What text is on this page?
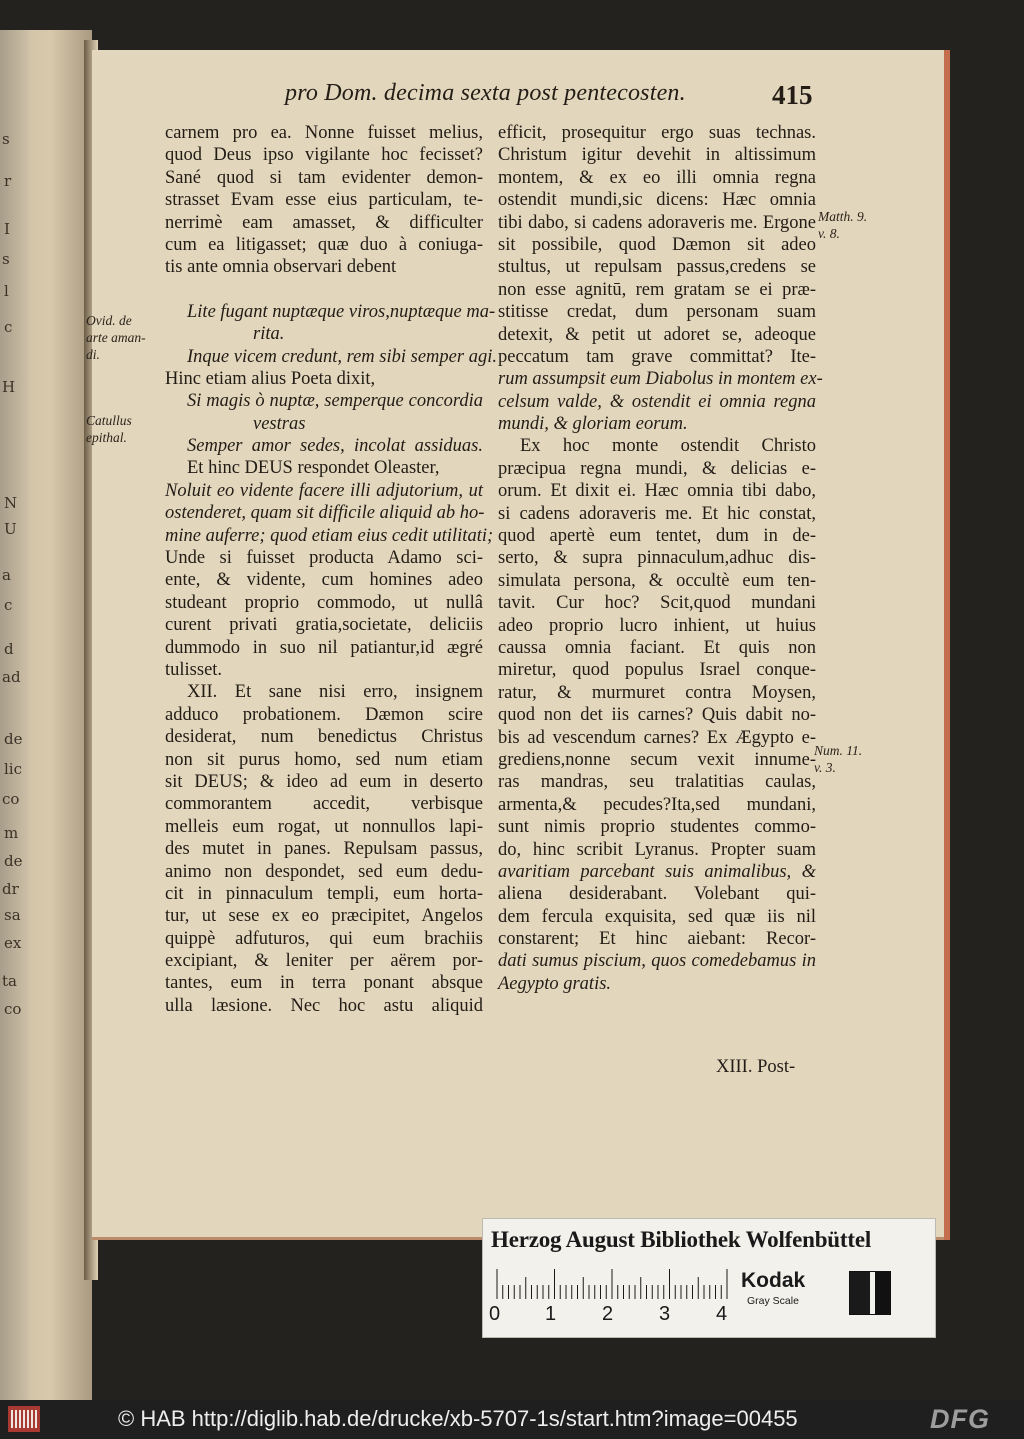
s
r
I
s
l
c
H
N
U
a
c
d
ad
de
lic
co
m
de
dr
sa
ex
ta
co
pro Dom. decima sexta post pentecosten.	415
carnem pro ea. Nonne fuisset melius,
quod Deus ipso vigilante hoc fecisset?
Sané quod si tam evidenter demon-
strasset Evam esse eius particulam, te-
nerrimè eam amasset, & difficulter
cum ea litigasset; quæ duo à coniuga-
tis ante omnia observari debent
Lite fugant nuptæque viros,nuptæque ma-
rita.
Inque vicem credunt, rem sibi semper agi.
Hinc etiam alius Poeta dixit,
Si magis ò nuptæ, semperque concordia
vestras
Semper amor sedes, incolat assiduas.
Et hinc DEUS respondet Oleaster,
Noluit eo vidente facere illi adjutorium, ut
ostenderet, quam sit difficile aliquid ab ho-
mine auferre; quod etiam eius cedit utilitati;
Unde si fuisset producta Adamo sci-
ente, & vidente, cum homines adeo
studeant proprio commodo, ut nullâ
curent privati gratia,societate, deliciis
dummodo in suo nil patiantur,id ægré
tulisset.
XII. Et sane nisi erro, insignem
adduco probationem. Dæmon scire
desiderat, num benedictus Christus
non sit purus homo, sed num etiam
sit DEUS; & ideo ad eum in deserto
commorantem accedit, verbisque
melleis eum rogat, ut nonnullos lapi-
des mutet in panes. Repulsam passus,
animo non despondet, sed eum dedu-
cit in pinnaculum templi, eum horta-
tur, ut sese ex eo præcipitet, Angelos
quippè adfuturos, qui eum brachiis
excipiant, & leniter per aërem por-
tantes, eum in terra ponant absque
ulla læsione. Nec hoc astu aliquid
efficit, prosequitur ergo suas technas.
Christum igitur devehit in altissimum
montem, & ex eo illi omnia regna
ostendit mundi,sic dicens: Hæc omnia
tibi dabo, si cadens adoraveris me. Ergone
sit possibile, quod Dæmon sit adeo
stultus, ut repulsam passus,credens se
non esse agnitū, rem gratam se ei præ-
stitisse credat, dum personam suam
detexit, & petit ut adoret se, adeoque
peccatum tam grave committat? Ite-
rum assumpsit eum Diabolus in montem ex-
celsum valde, & ostendit ei omnia regna
mundi, & gloriam eorum.
Ex hoc monte ostendit Christo
præcipua regna mundi, & delicias e-
orum. Et dixit ei. Hæc omnia tibi dabo,
si cadens adoraveris me. Et hic constat,
quod apertè eum tentet, dum in de-
serto, & supra pinnaculum,adhuc dis-
simulata persona, & occultè eum ten-
tavit. Cur hoc? Scit,quod mundani
adeo proprio lucro inhient, ut huius
caussa omnia faciant. Et quis non
miretur, quod populus Israel conque-
ratur, & murmuret contra Moysen,
quod non det iis carnes? Quis dabit no-
bis ad vescendum carnes? Ex Ægypto e-
grediens,nonne secum vexit innume-
ras mandras, seu tralatitias caulas,
armenta,& pecudes?Ita,sed mundani,
sunt nimis proprio studentes commo-
do, hinc scribit Lyranus. Propter suam
avaritiam parcebant suis animalibus, &
aliena desiderabant. Volebant qui-
dem fercula exquisita, sed quæ iis nil
constarent; Et hinc aiebant: Recor-
dati sumus piscium, quos comedebamus in
Aegypto gratis.
Ovid. de
arte aman-
di.
Catullus
epithal.
Matth. 9.
v. 8.
Num. 11.
v. 3.
XIII. Post-
Herzog August Bibliothek Wolfenbüttel
0 1 2 3 4
Kodak
Gray Scale
© HAB http://diglib.hab.de/drucke/xb-5707-1s/start.htm?image=00455	DFG
